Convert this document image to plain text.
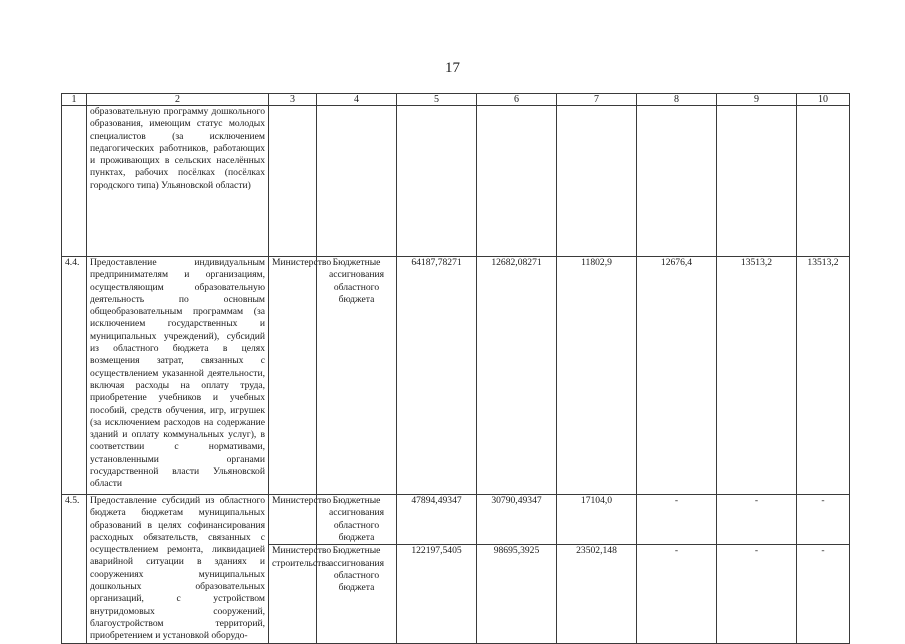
17
1	2	3	4	5	6	7	8	9	10
	образовательную программу дошкольного образования, имеющим статус молодых специалистов (за исключением педагогических работников, работающих и проживающих в сельских населённых пунктах, рабочих посёлках (посёлках городского типа) Ульяновской области)								
4.4.	Предоставление индивидуальным предпринимателям и организациям, осуществляющим образовательную деятельность по основным общеобразовательным программам (за исключением государственных и муниципальных учреждений), субсидий из областного бюджета в целях возмещения затрат, связанных с осуществлением указанной деятельности, включая расходы на оплату труда, приобретение учебников и учебных пособий, средств обучения, игр, игрушек (за исключением расходов на содержание зданий и оплату коммунальных услуг), в соответствии с нормативами, установленными органами государственной власти Ульяновской области	Министерство	Бюджетные ассигнования областного бюджета	64187,78271	12682,08271	11802,9	12676,4	13513,2	13513,2
4.5.	Предоставление субсидий из областного бюджета бюджетам муниципальных образований в целях софинансирования расходных обязательств, связанных с осуществлением ремонта, ликвидацией аварийной ситуации в зданиях и сооружениях муниципальных дошкольных образовательных организаций, с устройством внутридомовых сооружений, благоустройством территорий, приобретением и установкой оборудо-	Министерство	Бюджетные ассигнования областного бюджета	47894,49347	30790,49347	17104,0	-	-	-
		Министерство строительства	Бюджетные ассигнования областного бюджета	122197,5405	98695,3925	23502,148	-	-	-
